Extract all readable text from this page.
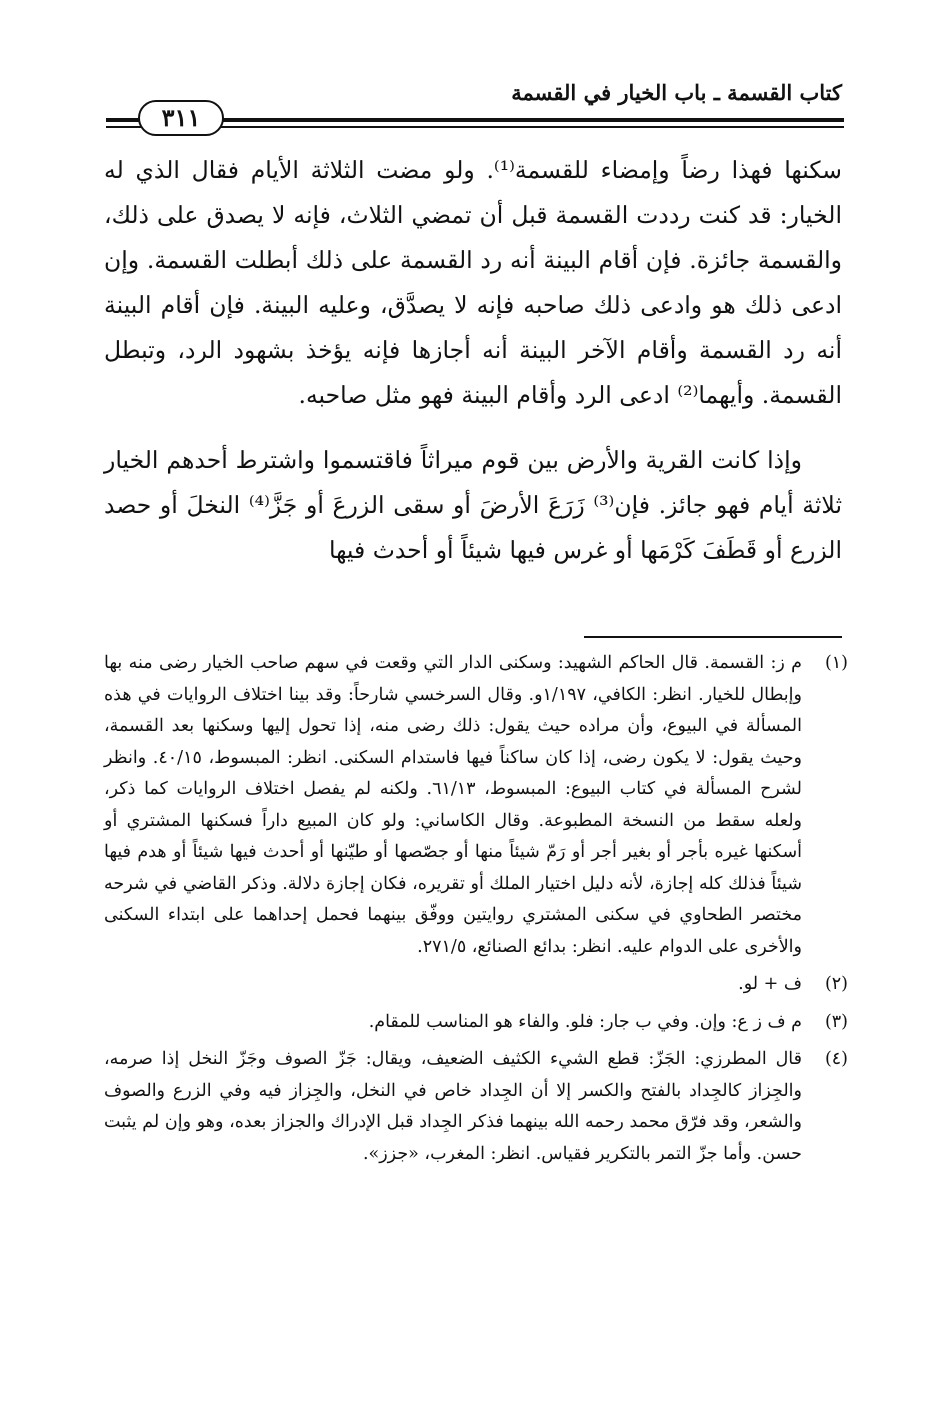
كتاب القسمة ـ باب الخيار في القسمة
٣١١

سكنها فهذا رضاً وإمضاء للقسمة⁽¹⁾. ولو مضت الثلاثة الأيام فقال الذي له الخيار: قد كنت رددت القسمة قبل أن تمضي الثلاث، فإنه لا يصدق على ذلك، والقسمة جائزة. فإن أقام البينة أنه رد القسمة على ذلك أبطلت القسمة. وإن ادعى ذلك هو وادعى ذلك صاحبه فإنه لا يصدَّق، وعليه البينة. فإن أقام البينة أنه رد القسمة وأقام الآخر البينة أنه أجازها فإنه يؤخذ بشهود الرد، وتبطل القسمة. وأيهما⁽²⁾ ادعى الرد وأقام البينة فهو مثل صاحبه.

وإذا كانت القرية والأرض بين قوم ميراثاً فاقتسموا واشترط أحدهم الخيار ثلاثة أيام فهو جائز. فإن⁽³⁾ زَرَعَ الأرضَ أو سقى الزرعَ أو جَزَّ⁽⁴⁾ النخلَ أو حصد الزرع أو قَطَفَ كَرْمَها أو غرس فيها شيئاً أو أحدث فيها

(١)
م ز: القسمة. قال الحاكم الشهيد: وسكنى الدار التي وقعت في سهم صاحب الخيار رضى منه بها وإبطال للخيار. انظر: الكافي، ١/١٩٧و. وقال السرخسي شارحاً: وقد بينا اختلاف الروايات في هذه المسألة في البيوع، وأن مراده حيث يقول: ذلك رضى منه، إذا تحول إليها وسكنها بعد القسمة، وحيث يقول: لا يكون رضى، إذا كان ساكناً فيها فاستدام السكنى. انظر: المبسوط، ٤٠/١٥. وانظر لشرح المسألة في كتاب البيوع: المبسوط، ٦١/١٣. ولكنه لم يفصل اختلاف الروايات كما ذكر، ولعله سقط من النسخة المطبوعة. وقال الكاساني: ولو كان المبيع داراً فسكنها المشتري أو أسكنها غيره بأجر أو بغير أجر أو رَمّ شيئاً منها أو جصّصها أو طيّنها أو أحدث فيها شيئاً أو هدم فيها شيئاً فذلك كله إجازة، لأنه دليل اختيار الملك أو تقريره، فكان إجازة دلالة. وذكر القاضي في شرحه مختصر الطحاوي في سكنى المشتري روايتين ووفّق بينهما فحمل إحداهما على ابتداء السكنى والأخرى على الدوام عليه. انظر: بدائع الصنائع، ٢٧١/٥.
(٢)
ف + لو.
(٣)
م ف ز ع: وإن. وفي ب جار: فلو. والفاء هو المناسب للمقام.
(٤)
قال المطرزي: الجَزّ: قطع الشيء الكثيف الضعيف، ويقال: جَزّ الصوف وجَزّ النخل إذا صرمه، والجِزاز كالجِداد بالفتح والكسر إلا أن الجِداد خاص في النخل، والجِزاز فيه وفي الزرع والصوف والشعر، وقد فرّق محمد رحمه الله بينهما فذكر الجِداد قبل الإدراك والجزاز بعده، وهو وإن لم يثبت حسن. وأما جزّ التمر بالتكرير فقياس. انظر: المغرب، «جزز».
